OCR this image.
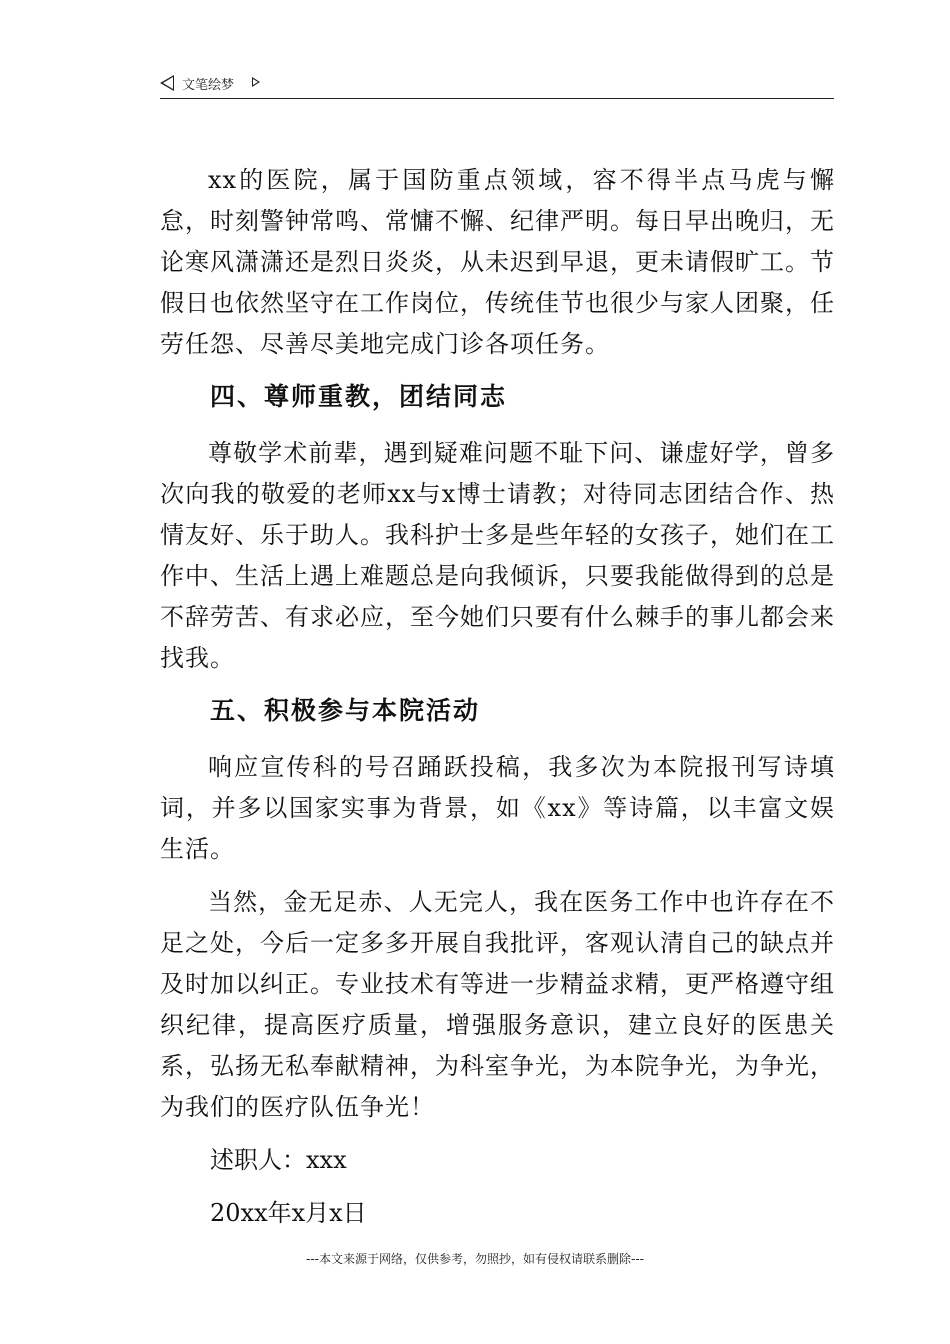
文笔绘梦

xx的医院，属于国防重点领域，容不得半点马虎与懈怠，时刻警钟常鸣、常慵不懈、纪律严明。每日早出晚归，无论寒风潇潇还是烈日炎炎，从未迟到早退，更未请假旷工。节假日也依然坚守在工作岗位，传统佳节也很少与家人团聚，任劳任怨、尽善尽美地完成门诊各项任务。

四、尊师重教，团结同志

尊敬学术前辈，遇到疑难问题不耻下问、谦虚好学，曾多次向我的敬爱的老师xx与x博士请教；对待同志团结合作、热情友好、乐于助人。我科护士多是些年轻的女孩子，她们在工作中、生活上遇上难题总是向我倾诉，只要我能做得到的总是不辞劳苦、有求必应，至今她们只要有什么棘手的事儿都会来找我。

五、积极参与本院活动

响应宣传科的号召踊跃投稿，我多次为本院报刊写诗填词，并多以国家实事为背景，如《xx》等诗篇，以丰富文娱生活。

当然，金无足赤、人无完人，我在医务工作中也许存在不足之处，今后一定多多开展自我批评，客观认清自己的缺点并及时加以纠正。专业技术有等进一步精益求精，更严格遵守组织纪律，提高医疗质量，增强服务意识，建立良好的医患关系，弘扬无私奉献精神，为科室争光，为本院争光，为争光，为我们的医疗队伍争光！

述职人：xxx
20xx年x月x日
---本文来源于网络，仅供参考，勿照抄，如有侵权请联系删除---
